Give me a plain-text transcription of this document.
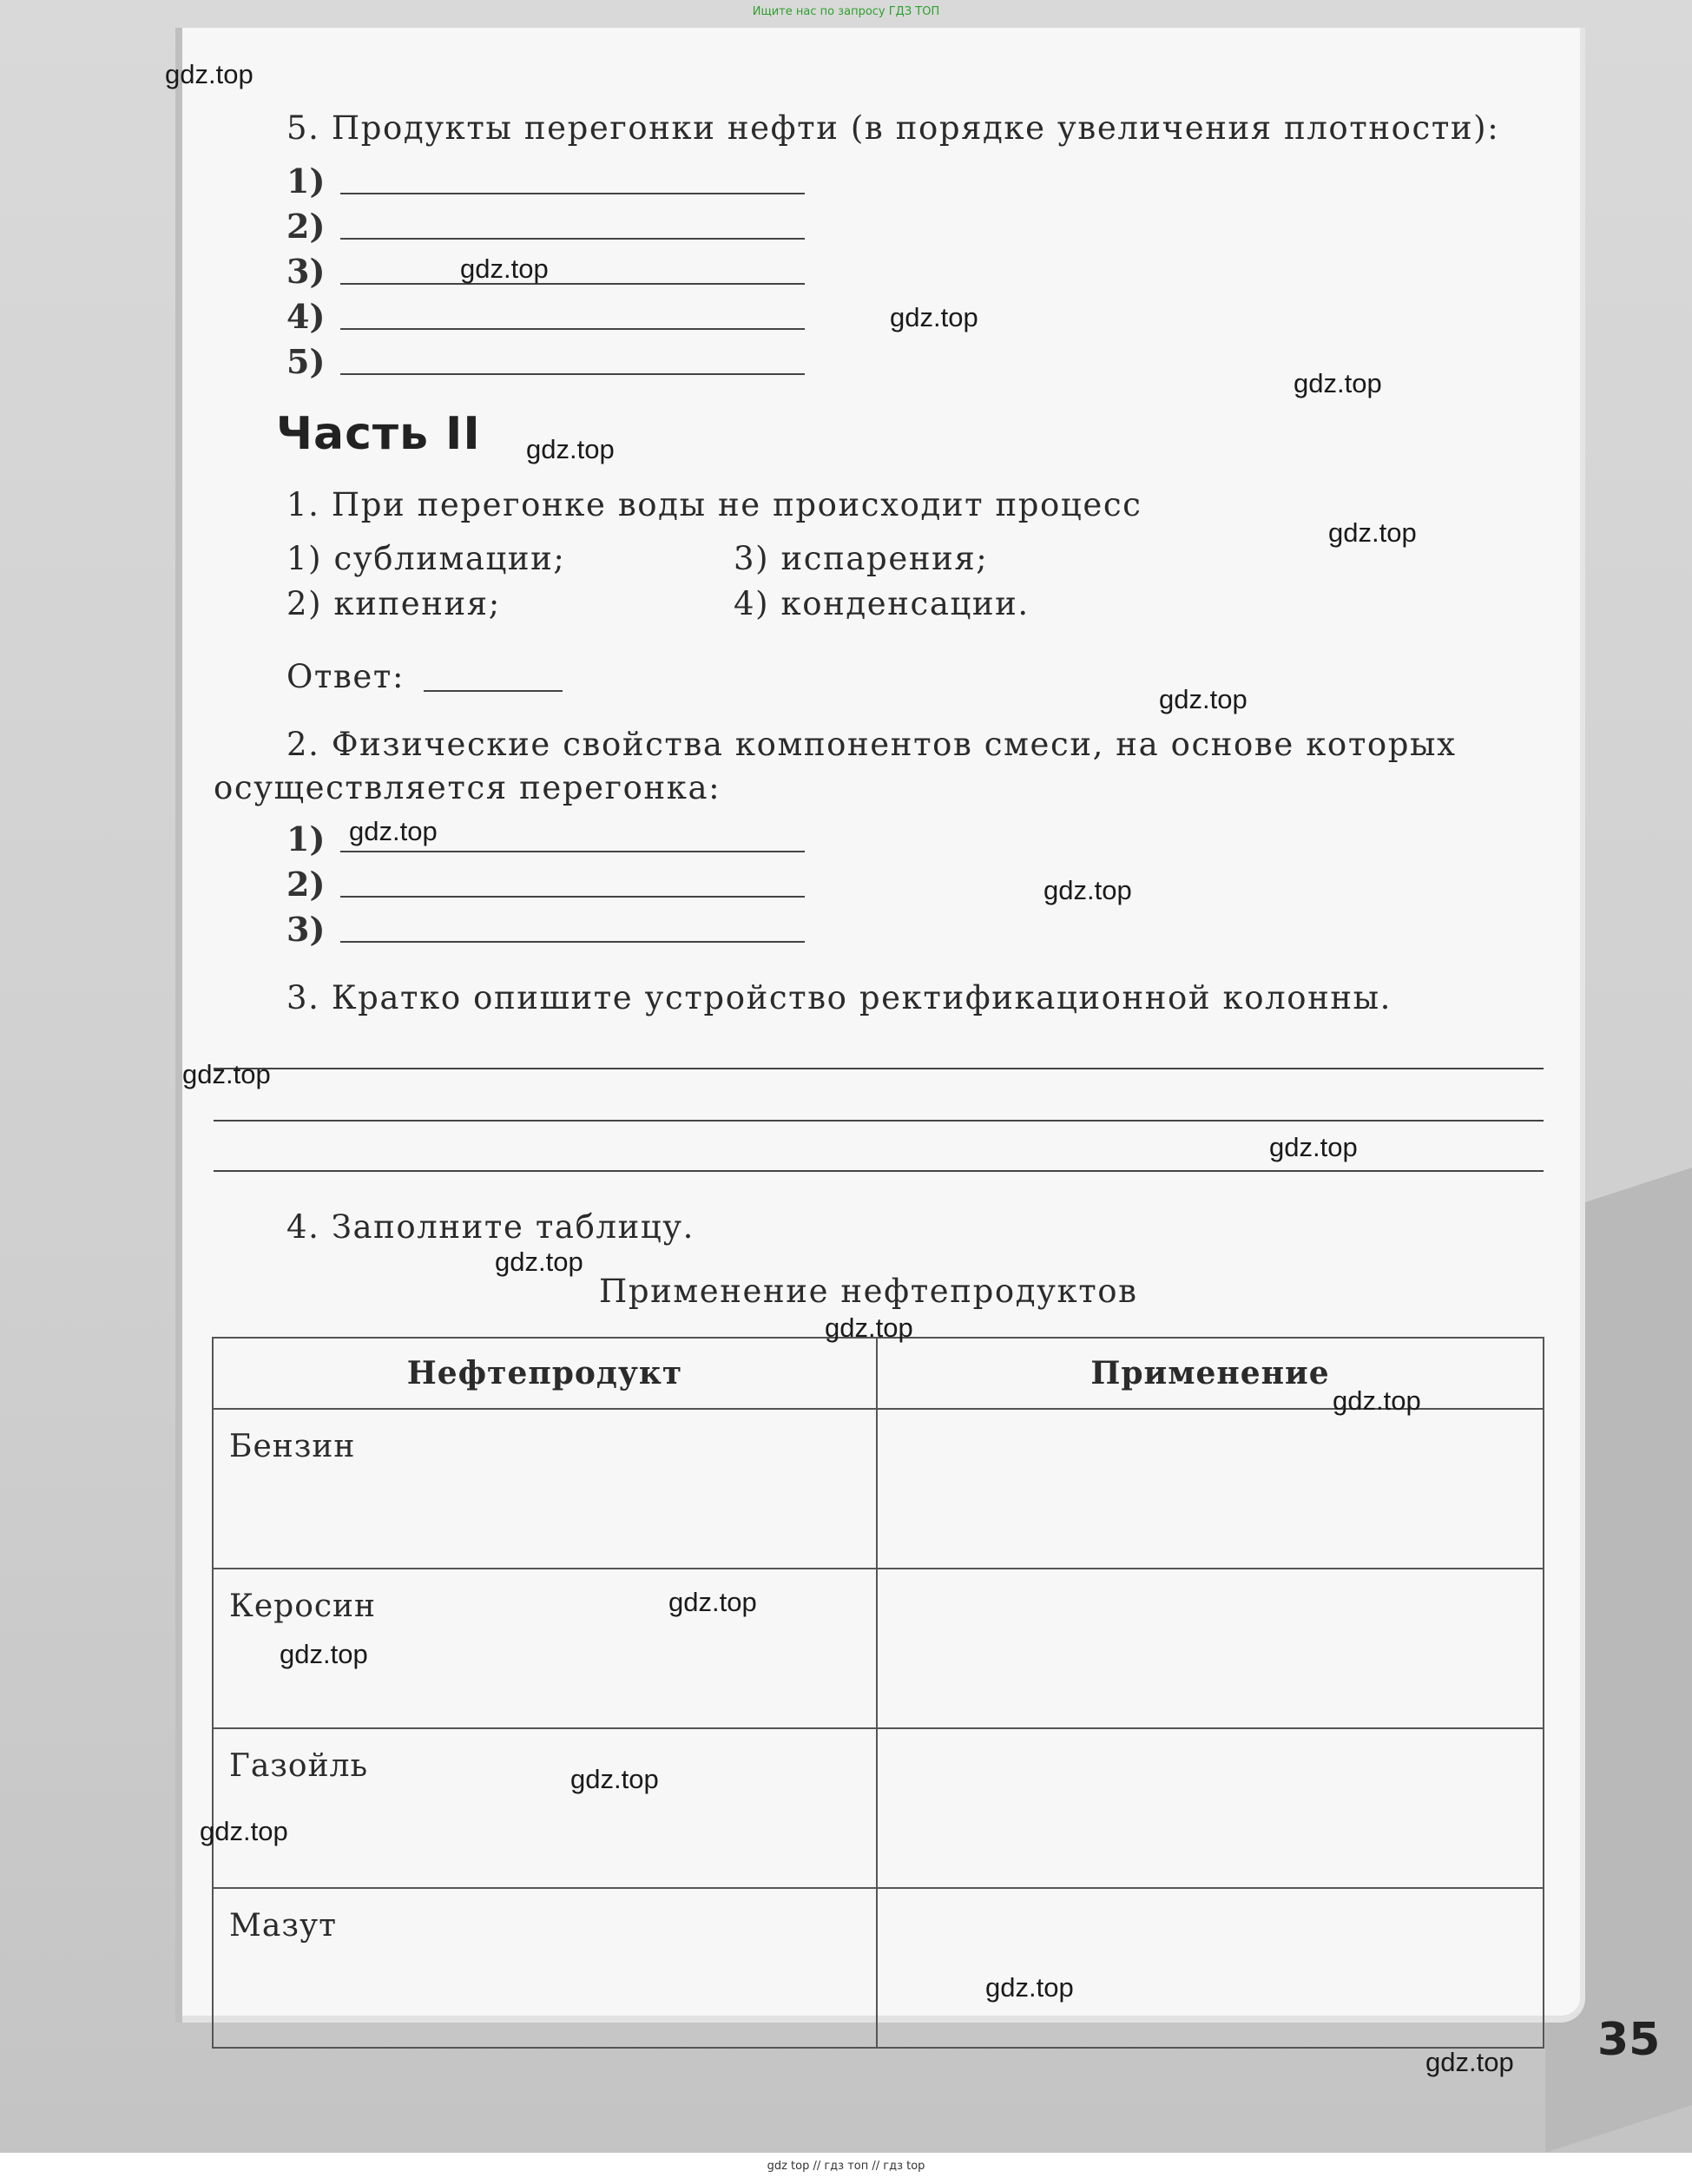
Ищите нас по запросу ГДЗ ТОП
5. Продукты перегонки нефти (в порядке увеличения плотности):
1)
2)
3)
4)
5)
Часть II
1. При перегонке воды не происходит процесс
1) сублимации;	3) испарения;
2) кипения;	4) конденсации.
Ответ:
2. Физические свойства компонентов смеси, на основе которых
осуществляется перегонка:
1)
2)
3)
3. Кратко опишите устройство ректификационной колонны.
4. Заполните таблицу.
Применение нефтепродуктов
Нефтепродукт	Применение
Бензин	
Керосин	
Газойль	
Мазут	
35
gdz.top
gdz.top
gdz.top
gdz.top
gdz.top
gdz.top
gdz.top
gdz.top
gdz.top
gdz.top
gdz.top
gdz.top
gdz.top
gdz.top
gdz.top
gdz.top
gdz.top
gdz.top
gdz.top
gdz.top
gdz top // гдз топ // гдз top
